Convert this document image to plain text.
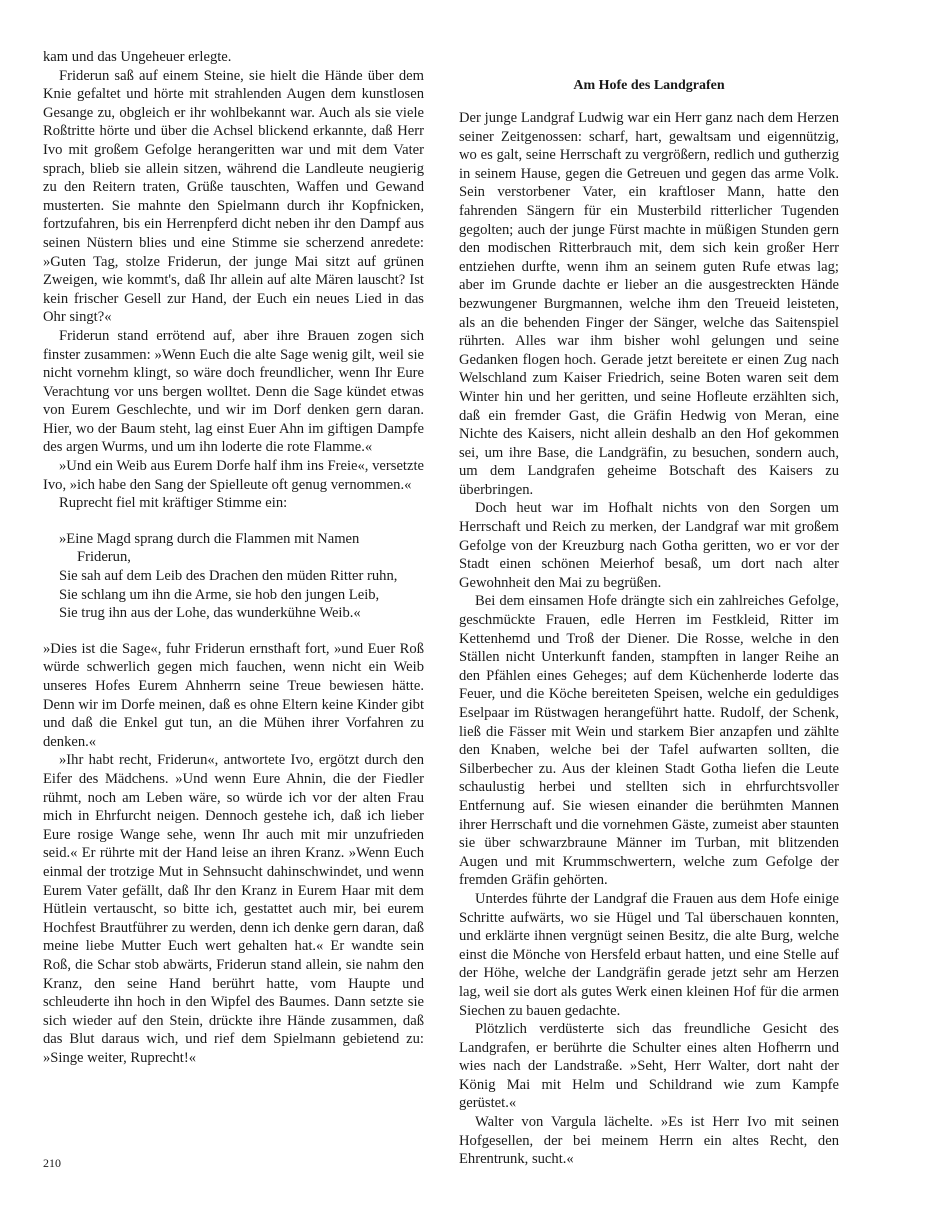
kam und das Ungeheuer erlegte.

Friderun saß auf einem Steine, sie hielt die Hände über dem Knie gefaltet und hörte mit strahlenden Augen dem kunstlosen Gesange zu, obgleich er ihr wohlbekannt war. Auch als sie viele Roßtritte hörte und über die Achsel blickend erkannte, daß Herr Ivo mit großem Gefolge herangeritten war und mit dem Vater sprach, blieb sie allein sitzen, während die Landleute neugierig zu den Reitern traten, Grüße tauschten, Waffen und Gewand musterten. Sie mahnte den Spielmann durch ihr Kopfnicken, fortzufahren, bis ein Herrenpferd dicht neben ihr den Dampf aus seinen Nüstern blies und eine Stimme sie scherzend anredete: »Guten Tag, stolze Friderun, der junge Mai sitzt auf grünen Zweigen, wie kommt's, daß Ihr allein auf alte Mären lauscht? Ist kein frischer Gesell zur Hand, der Euch ein neues Lied in das Ohr singt?«

Friderun stand errötend auf, aber ihre Brauen zogen sich finster zusammen: »Wenn Euch die alte Sage wenig gilt, weil sie nicht vornehm klingt, so wäre doch freundlicher, wenn Ihr Eure Verachtung vor uns bergen wolltet. Denn die Sage kündet etwas von Eurem Geschlechte, und wir im Dorf denken gern daran. Hier, wo der Baum steht, lag einst Euer Ahn im giftigen Dampfe des argen Wurms, und um ihn loderte die rote Flamme.«

»Und ein Weib aus Eurem Dorfe half ihm ins Freie«, versetzte Ivo, »ich habe den Sang der Spielleute oft genug vernommen.«

Ruprecht fiel mit kräftiger Stimme ein:

»Eine Magd sprang durch die Flammen mit Namen
Friderun,
Sie sah auf dem Leib des Drachen den müden Ritter ruhn,
Sie schlang um ihn die Arme, sie hob den jungen Leib,
Sie trug ihn aus der Lohe, das wunderkühne Weib.«

»Dies ist die Sage«, fuhr Friderun ernsthaft fort, »und Euer Roß würde schwerlich gegen mich fauchen, wenn nicht ein Weib unseres Hofes Eurem Ahnherrn seine Treue bewiesen hätte. Denn wir im Dorfe meinen, daß es ohne Eltern keine Kinder gibt und daß die Enkel gut tun, an die Mühen ihrer Vorfahren zu denken.«

»Ihr habt recht, Friderun«, antwortete Ivo, ergötzt durch den Eifer des Mädchens. »Und wenn Eure Ahnin, die der Fiedler rühmt, noch am Leben wäre, so würde ich vor der alten Frau mich in Ehrfurcht neigen. Dennoch gestehe ich, daß ich lieber Eure rosige Wange sehe, wenn Ihr auch mit mir unzufrieden seid.« Er rührte mit der Hand leise an ihren Kranz. »Wenn Euch einmal der trotzige Mut in Sehnsucht dahinschwindet, und wenn Eurem Vater gefällt, daß Ihr den Kranz in Eurem Haar mit dem Hütlein vertauscht, so bitte ich, gestattet auch mir, bei eurem Hochfest Brautführer zu werden, denn ich denke gern daran, daß meine liebe Mutter Euch wert gehalten hat.« Er wandte sein Roß, die Schar stob abwärts, Friderun stand allein, sie nahm den Kranz, den seine Hand berührt hatte, vom Haupte und schleuderte ihn hoch in den Wipfel des Baumes. Dann setzte sie sich wieder auf den Stein, drückte ihre Hände zusammen, daß das Blut daraus wich, und rief dem Spielmann gebietend zu: »Singe weiter, Ruprecht!«

Am Hofe des Landgrafen

Der junge Landgraf Ludwig war ein Herr ganz nach dem Herzen seiner Zeitgenossen: scharf, hart, gewaltsam und eigennützig, wo es galt, seine Herrschaft zu vergrößern, redlich und gutherzig in seinem Hause, gegen die Getreuen und gegen das arme Volk. Sein verstorbener Vater, ein kraftloser Mann, hatte den fahrenden Sängern für ein Musterbild ritterlicher Tugenden gegolten; auch der junge Fürst machte in müßigen Stunden gern den modischen Ritterbrauch mit, dem sich kein großer Herr entziehen durfte, wenn ihm an seinem guten Rufe etwas lag; aber im Grunde dachte er lieber an die ausgestreckten Hände bezwungener Burgmannen, welche ihm den Treueid leisteten, als an die behenden Finger der Sänger, welche das Saitenspiel rührten. Alles war ihm bisher wohl gelungen und seine Gedanken flogen hoch. Gerade jetzt bereitete er einen Zug nach Welschland zum Kaiser Friedrich, seine Boten waren seit dem Winter hin und her geritten, und seine Hofleute erzählten sich, daß ein fremder Gast, die Gräfin Hedwig von Meran, eine Nichte des Kaisers, nicht allein deshalb an den Hof gekommen sei, um ihre Base, die Landgräfin, zu besuchen, sondern auch, um dem Landgrafen geheime Botschaft des Kaisers zu überbringen.

Doch heut war im Hofhalt nichts von den Sorgen um Herrschaft und Reich zu merken, der Landgraf war mit großem Gefolge von der Kreuzburg nach Gotha geritten, wo er vor der Stadt einen schönen Meierhof besaß, um dort nach alter Gewohnheit den Mai zu begrüßen.

Bei dem einsamen Hofe drängte sich ein zahlreiches Gefolge, geschmückte Frauen, edle Herren im Festkleid, Ritter im Kettenhemd und Troß der Diener. Die Rosse, welche in den Ställen nicht Unterkunft fanden, stampften in langer Reihe an den Pfählen eines Geheges; auf dem Küchenherde loderte das Feuer, und die Köche bereiteten Speisen, welche ein geduldiges Eselpaar im Rüstwagen herangeführt hatte. Rudolf, der Schenk, ließ die Fässer mit Wein und starkem Bier anzapfen und zählte den Knaben, welche bei der Tafel aufwarten sollten, die Silberbecher zu. Aus der kleinen Stadt Gotha liefen die Leute schaulustig herbei und stellten sich in ehrfurchtsvoller Entfernung auf. Sie wiesen einander die berühmten Mannen ihrer Herrschaft und die vornehmen Gäste, zumeist aber staunten sie über schwarzbraune Männer im Turban, mit blitzenden Augen und mit Krummschwertern, welche zum Gefolge der fremden Gräfin gehörten.

Unterdes führte der Landgraf die Frauen aus dem Hofe einige Schritte aufwärts, wo sie Hügel und Tal überschauen konnten, und erklärte ihnen vergnügt seinen Besitz, die alte Burg, welche einst die Mönche von Hersfeld erbaut hatten, und eine Stelle auf der Höhe, welche der Landgräfin gerade jetzt sehr am Herzen lag, weil sie dort als gutes Werk einen kleinen Hof für die armen Siechen zu bauen gedachte.

Plötzlich verdüsterte sich das freundliche Gesicht des Landgrafen, er berührte die Schulter eines alten Hofherrn und wies nach der Landstraße. »Seht, Herr Walter, dort naht der König Mai mit Helm und Schildrand wie zum Kampfe gerüstet.«

Walter von Vargula lächelte. »Es ist Herr Ivo mit seinen Hofgesellen, der bei meinem Herrn ein altes Recht, den Ehrentrunk, sucht.«

210
